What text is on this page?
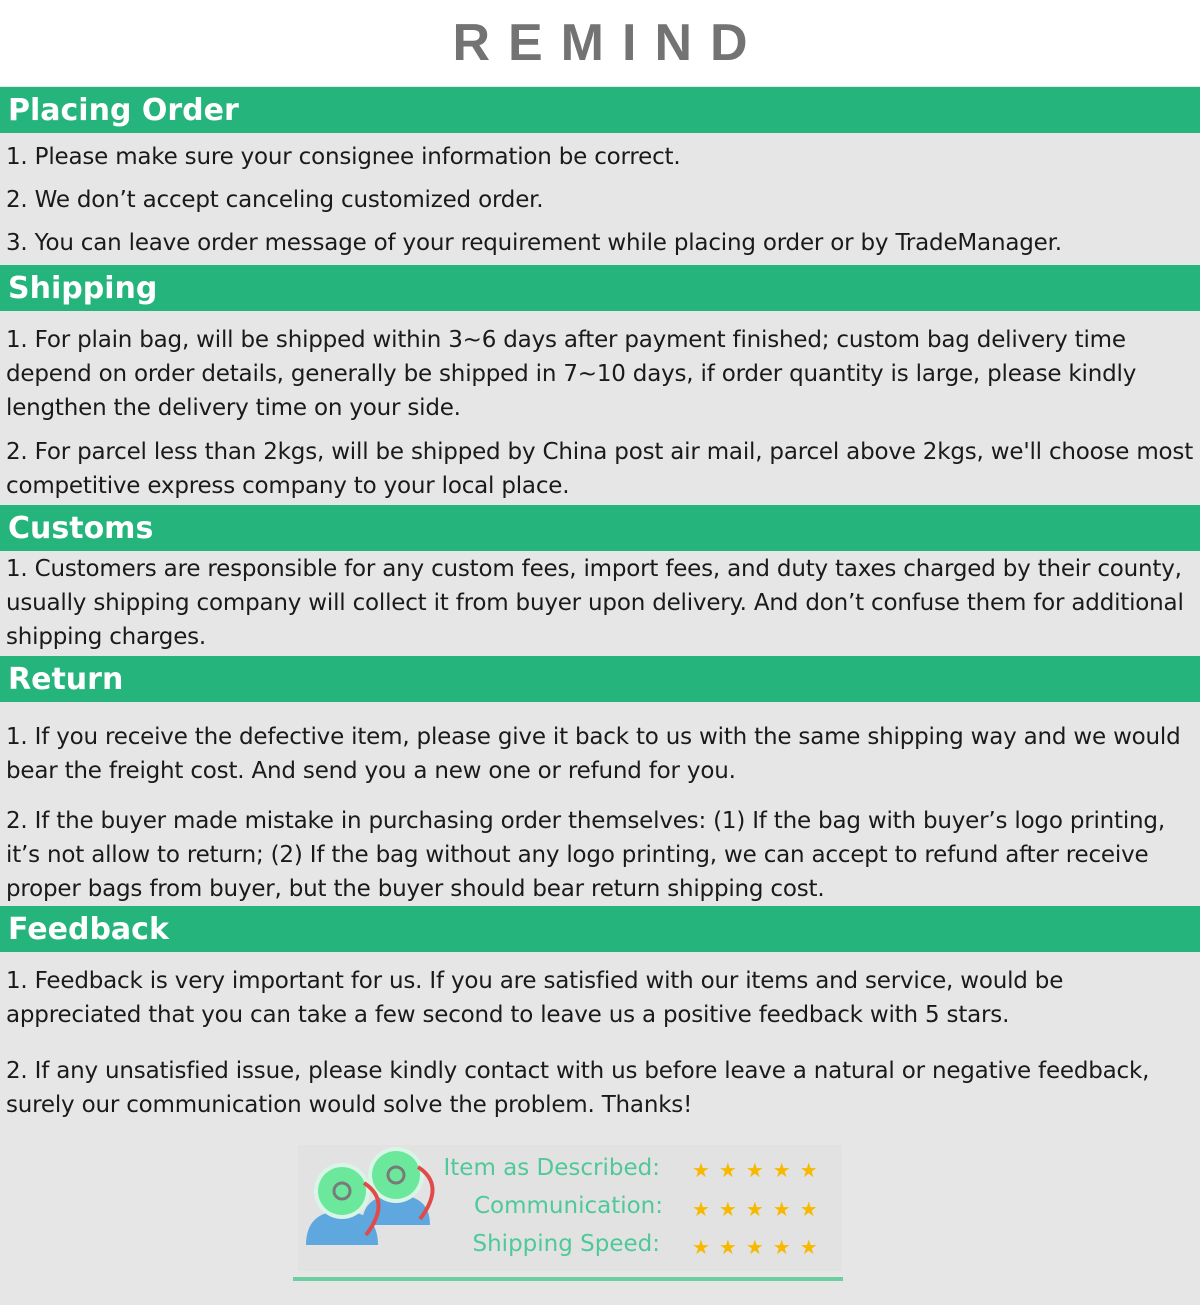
REMIND
Placing Order

1. Please make sure your consignee information be correct.

2. We don’t accept canceling customized order.

3. You can leave order message of your requirement while placing order or by TradeManager.

Shipping

1. For plain bag, will be shipped within 3~6 days after payment finished; custom bag delivery time depend on order details, generally be shipped in 7~10 days, if order quantity is large, please kindly lengthen the delivery time on your side.

2. For parcel less than 2kgs, will be shipped by China post air mail, parcel above 2kgs, we'll choose most competitive express company to your local place.

Customs

1. Customers are responsible for any custom fees, import fees, and duty taxes charged by their county, usually shipping company will collect it from buyer upon delivery. And don’t confuse them for additional shipping charges.

Return

1. If you receive the defective item, please give it back to us with the same shipping way and we would bear the freight cost. And send you a new one or refund for you.

2. If the buyer made mistake in purchasing order themselves: (1) If the bag with buyer’s logo printing, it’s not allow to return; (2) If the bag without any logo printing, we can accept to refund after receive proper bags from buyer, but the buyer should bear return shipping cost.

Feedback

1. Feedback is very important for us. If you are satisfied with our items and service, would be appreciated that you can take a few second to leave us a positive feedback with 5 stars.

2. If any unsatisfied issue, please kindly contact with us before leave a natural or negative feedback, surely our communication would solve the problem. Thanks!

Item as Described: ★★★★★
Communication: ★★★★★
Shipping Speed: ★★★★★
